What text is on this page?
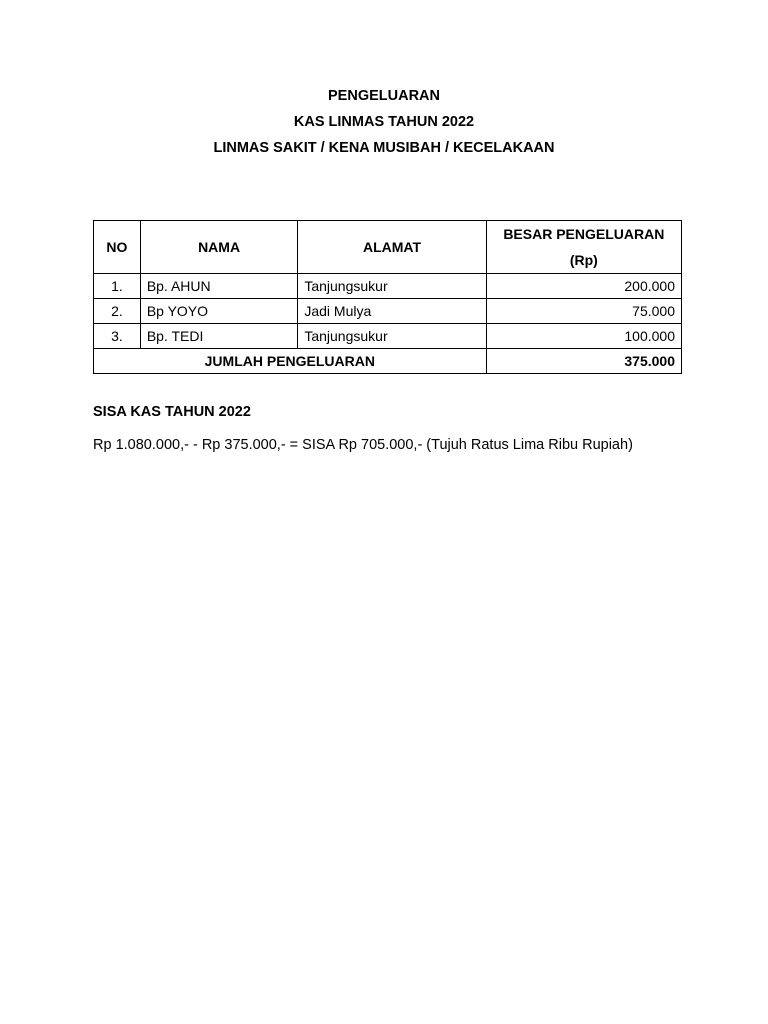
PENGELUARAN
KAS LINMAS TAHUN 2022
LINMAS SAKIT / KENA MUSIBAH / KECELAKAAN
NO	NAMA	ALAMAT	BESAR PENGELUARAN
(Rp)

1.	Bp. AHUN	Tanjungsukur	200.000
2.	Bp YOYO	Jadi Mulya	75.000
3.	Bp. TEDI	Tanjungsukur	100.000
JUMLAH PENGELUARAN			375.000
SISA KAS TAHUN 2022
Rp 1.080.000,- - Rp 375.000,- = SISA Rp 705.000,- (Tujuh Ratus Lima Ribu Rupiah)
